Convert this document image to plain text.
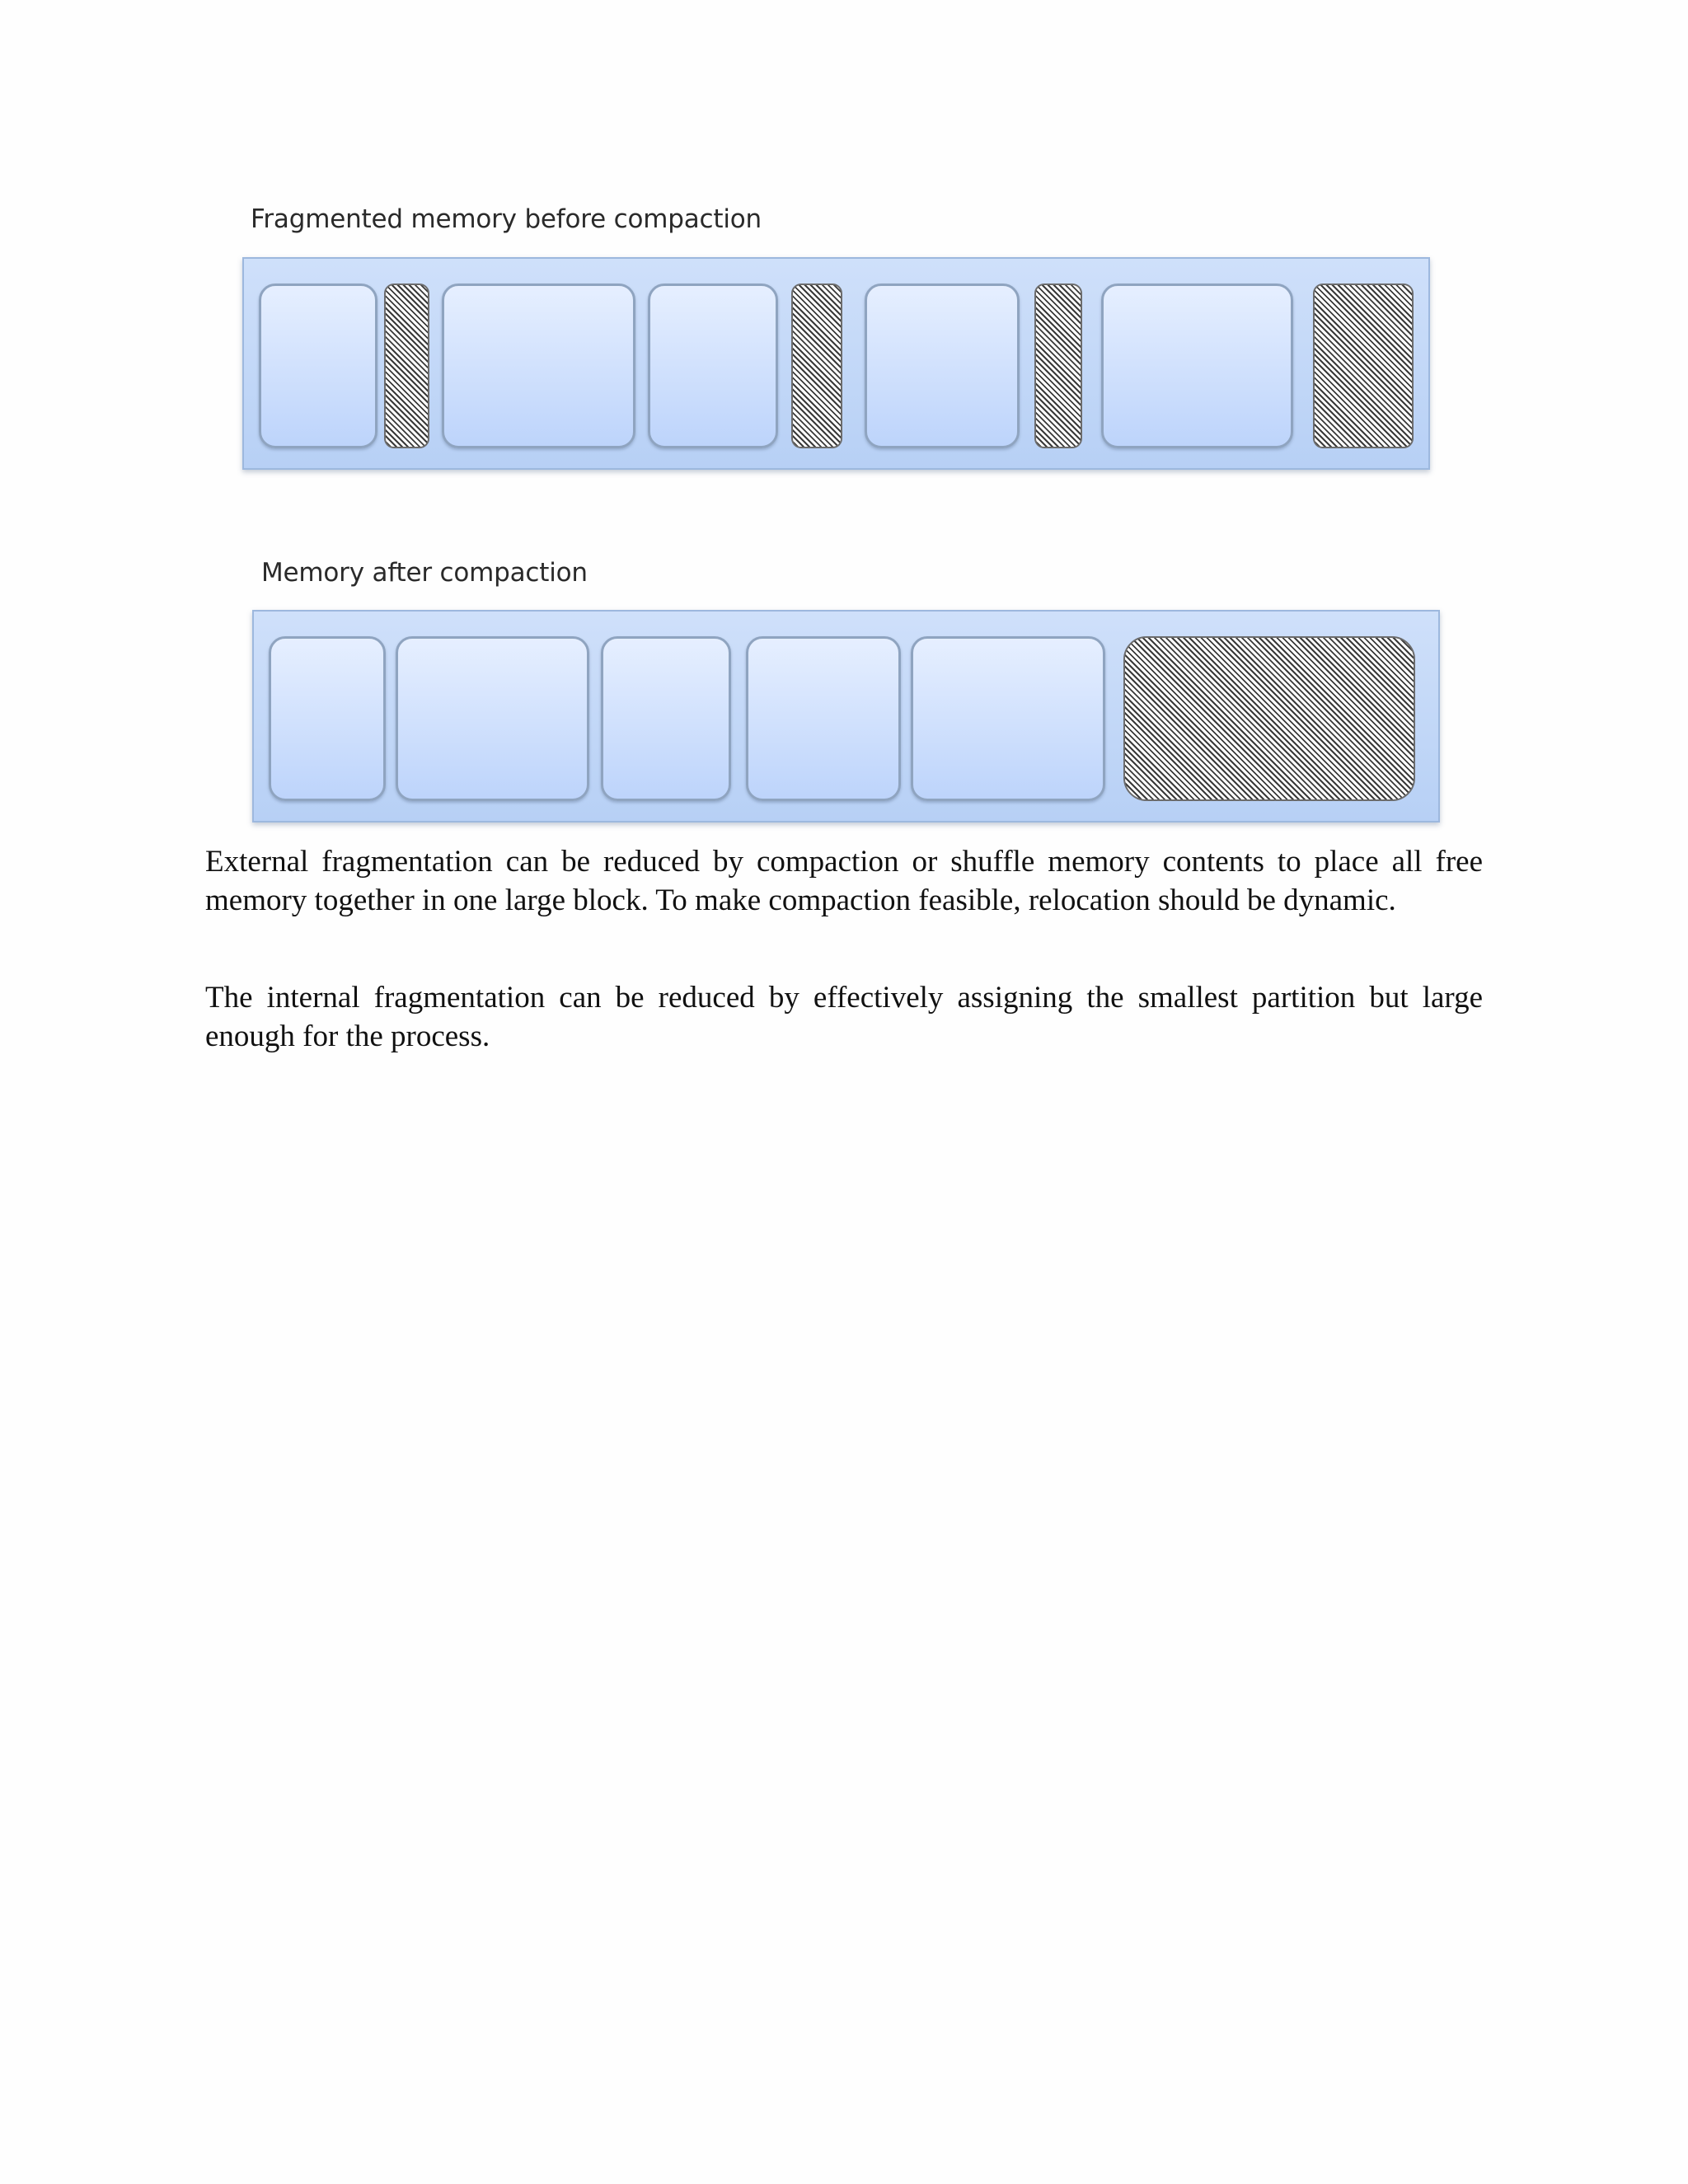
Fragmented memory before compaction
Memory after compaction

External fragmentation can be reduced by compaction or shuffle memory contents to place all free memory together in one large block. To make compaction feasible, relocation should be dynamic.

The internal fragmentation can be reduced by effectively assigning the smallest partition but large enough for the process.
